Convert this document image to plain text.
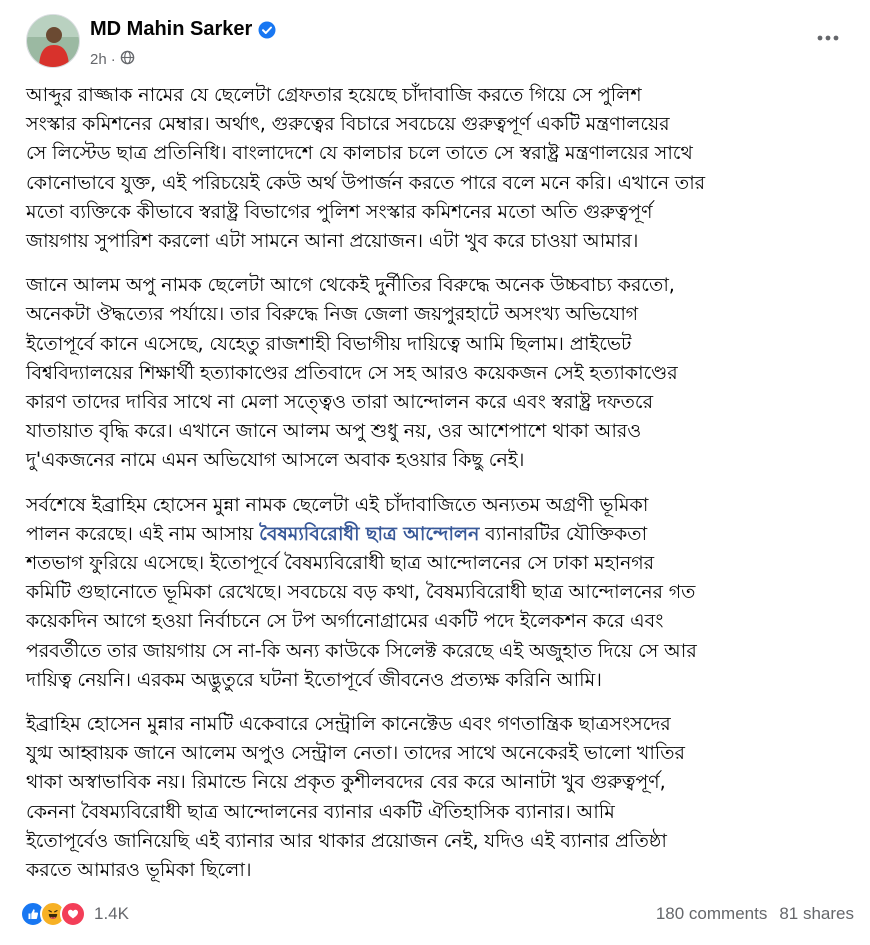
MD Mahin Sarker
2h ·

আব্দুর রাজ্জাক নামের যে ছেলেটা গ্রেফতার হয়েছে চাঁদাবাজি করতে গিয়ে সে পুলিশ
সংস্কার কমিশনের মেম্বার। অর্থাৎ, গুরুত্বের বিচারে সবচেয়ে গুরুত্বপূর্ণ একটি মন্ত্রণালয়ের
সে লিস্টেড ছাত্র প্রতিনিধি। বাংলাদেশে যে কালচার চলে তাতে সে স্বরাষ্ট্র মন্ত্রণালয়ের সাথে
কোনোভাবে যুক্ত, এই পরিচয়েই কেউ অর্থ উপার্জন করতে পারে বলে মনে করি। এখানে তার
মতো ব্যক্তিকে কীভাবে স্বরাষ্ট্র বিভাগের পুলিশ সংস্কার কমিশনের মতো অতি গুরুত্বপূর্ণ
জায়গায় সুপারিশ করলো এটা সামনে আনা প্রয়োজন। এটা খুব করে চাওয়া আমার।

জানে আলম অপু নামক ছেলেটা আগে থেকেই দুর্নীতির বিরুদ্ধে অনেক উচ্চবাচ্য করতো,
অনেকটা ঔদ্ধত্যের পর্যায়ে। তার বিরুদ্ধে নিজ জেলা জয়পুরহাটে অসংখ্য অভিযোগ
ইতোপূর্বে কানে এসেছে, যেহেতু রাজশাহী বিভাগীয় দায়িত্বে আমি ছিলাম। প্রাইভেট
বিশ্ববিদ্যালয়ের শিক্ষার্থী হত্যাকাণ্ডের প্রতিবাদে সে সহ আরও কয়েকজন সেই হত্যাকাণ্ডের
কারণ তাদের দাবির সাথে না মেলা সত্ত্বেও তারা আন্দোলন করে এবং স্বরাষ্ট্র দফতরে
যাতায়াত বৃদ্ধি করে। এখানে জানে আলম অপু শুধু নয়, ওর আশেপাশে থাকা আরও
দু'একজনের নামে এমন অভিযোগ আসলে অবাক হওয়ার কিছু নেই।

সর্বশেষে ইব্রাহিম হোসেন মুন্না নামক ছেলেটা এই চাঁদাবাজিতে অন্যতম অগ্রণী ভূমিকা
পালন করেছে। এই নাম আসায় বৈষম্যবিরোধী ছাত্র আন্দোলন ব্যানারটির যৌক্তিকতা
শতভাগ ফুরিয়ে এসেছে। ইতোপূর্বে বৈষম্যবিরোধী ছাত্র আন্দোলনের সে ঢাকা মহানগর
কমিটি গুছানোতে ভূমিকা রেখেছে। সবচেয়ে বড় কথা, বৈষম্যবিরোধী ছাত্র আন্দোলনের গত
কয়েকদিন আগে হওয়া নির্বাচনে সে টপ অর্গানোগ্রামের একটি পদে ইলেকশন করে এবং
পরবর্তীতে তার জায়গায় সে না-কি অন্য কাউকে সিলেক্ট করেছে এই অজুহাত দিয়ে সে আর
দায়িত্ব নেয়নি। এরকম অদ্ভুতুরে ঘটনা ইতোপূর্বে জীবনেও প্রত্যক্ষ করিনি আমি।

ইব্রাহিম হোসেন মুন্নার নামটি একেবারে সেন্ট্রালি কানেক্টেড এবং গণতান্ত্রিক ছাত্রসংসদের
যুগ্ম আহ্বায়ক জানে আলেম অপুও সেন্ট্রাল নেতা। তাদের সাথে অনেকেরই ভালো খাতির
থাকা অস্বাভাবিক নয়। রিমান্ডে নিয়ে প্রকৃত কুশীলবদের বের করে আনাটা খুব গুরুত্বপূর্ণ,
কেননা বৈষম্যবিরোধী ছাত্র আন্দোলনের ব্যানার একটি ঐতিহাসিক ব্যানার। আমি
ইতোপূর্বেও জানিয়েছি এই ব্যানার আর থাকার প্রয়োজন নেই, যদিও এই ব্যানার প্রতিষ্ঠা
করতে আমারও ভূমিকা ছিলো।

1.4K	180 comments 81 shares
